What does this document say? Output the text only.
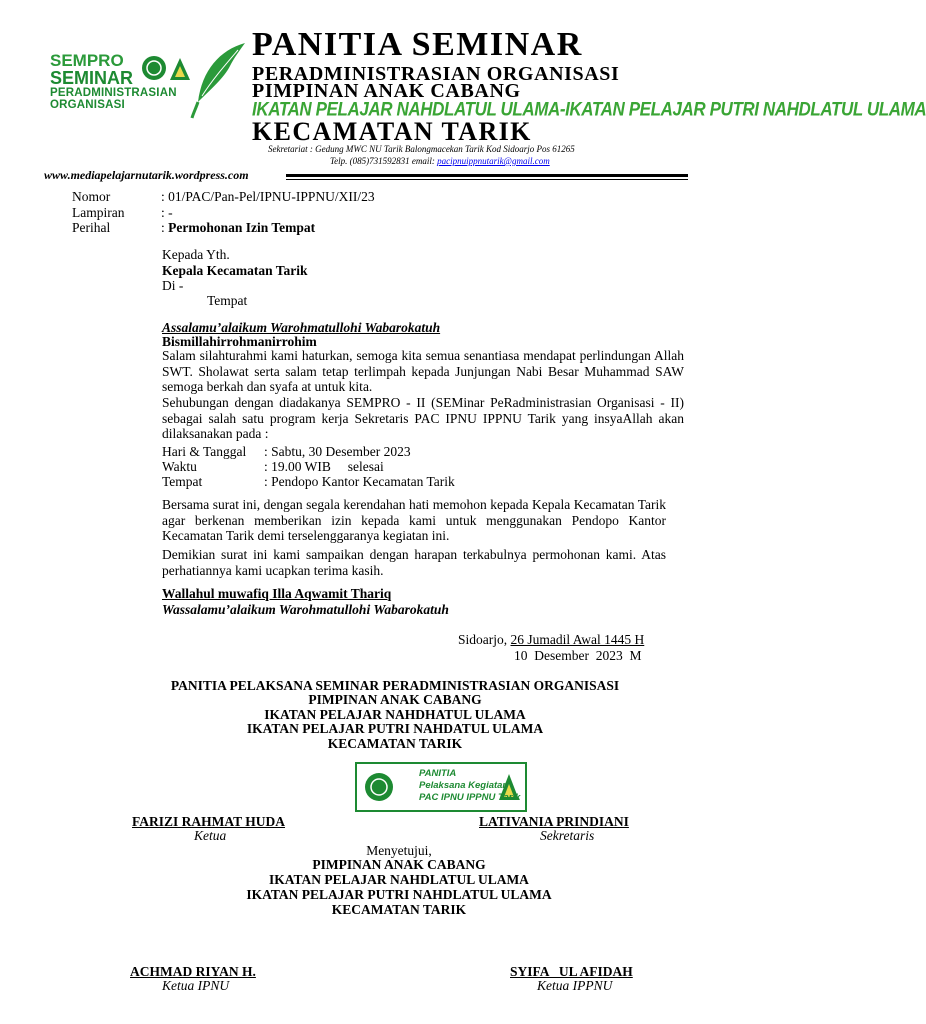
SEMPRO
SEMINAR
PERADMINISTRASIAN
ORGANISASI
PANITIA SEMINAR
PERADMINISTRASIAN ORGANISASI
PIMPINAN ANAK CABANG
IKATAN PELAJAR NAHDLATUL ULAMA-IKATAN PELAJAR PUTRI NAHDLATUL ULAMA
KECAMATAN TARIK
Sekretariat : Gedung MWC NU Tarik Balongmacekan Tarik Kod Sidoarjo Pos 61265
Telp. (085)731592831 email: pacipnuippnutarik@gmail.com
www.mediapelajarnutarik.wordpress.com
Nomor	: 01/PAC/Pan-Pel/IPNU-IPPNU/XII/23
Lampiran	: -
Perihal	: Permohonan Izin Tempat
Kepada Yth.
Kepala Kecamatan Tarik
Di -
Tempat
Assalamu’alaikum Warohmatullohi Wabarokatuh
Bismillahirrohmanirrohim
Salam silahturahmi kami haturkan, semoga kita semua senantiasa mendapat perlindungan Allah SWT. Sholawat serta salam tetap terlimpah kepada Junjungan Nabi Besar Muhammad SAW semoga berkah dan syafa at untuk kita.
Sehubungan dengan diadakanya SEMPRO - II (SEMinar PeRadministrasian Organisasi - II) sebagai salah satu program kerja Sekretaris PAC IPNU IPPNU Tarik yang insyaAllah akan dilaksanakan pada :
Hari & Tanggal : Sabtu, 30 Desember 2023
Waktu	: 19.00 WIB     selesai
Tempat	: Pendopo Kantor Kecamatan Tarik
Bersama surat ini, dengan segala kerendahan hati memohon kepada Kepala Kecamatan Tarik agar berkenan memberikan izin kepada kami untuk menggunakan Pendopo Kantor Kecamatan Tarik demi terselenggaranya kegiatan ini.
Demikian surat ini kami sampaikan dengan harapan terkabulnya permohonan kami. Atas perhatiannya kami ucapkan terima kasih.
Wallahul muwafiq Illa Aqwamit Thariq
Wassalamu’alaikum Warohmatullohi Wabarokatuh
Sidoarjo, 26 Jumadil Awal 1445 H
10  Desember  2023  M
PANITIA PELAKSANA SEMINAR PERADMINISTRASIAN ORGANISASI
PIMPINAN ANAK CABANG
IKATAN PELAJAR NAHDHATUL ULAMA
IKATAN PELAJAR PUTRI NAHDATUL ULAMA
KECAMATAN TARIK
PANITIA
Pelaksana Kegiatan
PAC IPNU IPPNU Tarik
FARIZI RAHMAT HUDA
Ketua
LATIVANIA PRINDIANI
Sekretaris
Menyetujui,
PIMPINAN ANAK CABANG
IKATAN PELAJAR NAHDLATUL ULAMA
IKATAN PELAJAR PUTRI NAHDLATUL ULAMA
KECAMATAN TARIK
ACHMAD RIYAN H.
Ketua IPNU
SYIFA   UL AFIDAH
Ketua IPPNU
